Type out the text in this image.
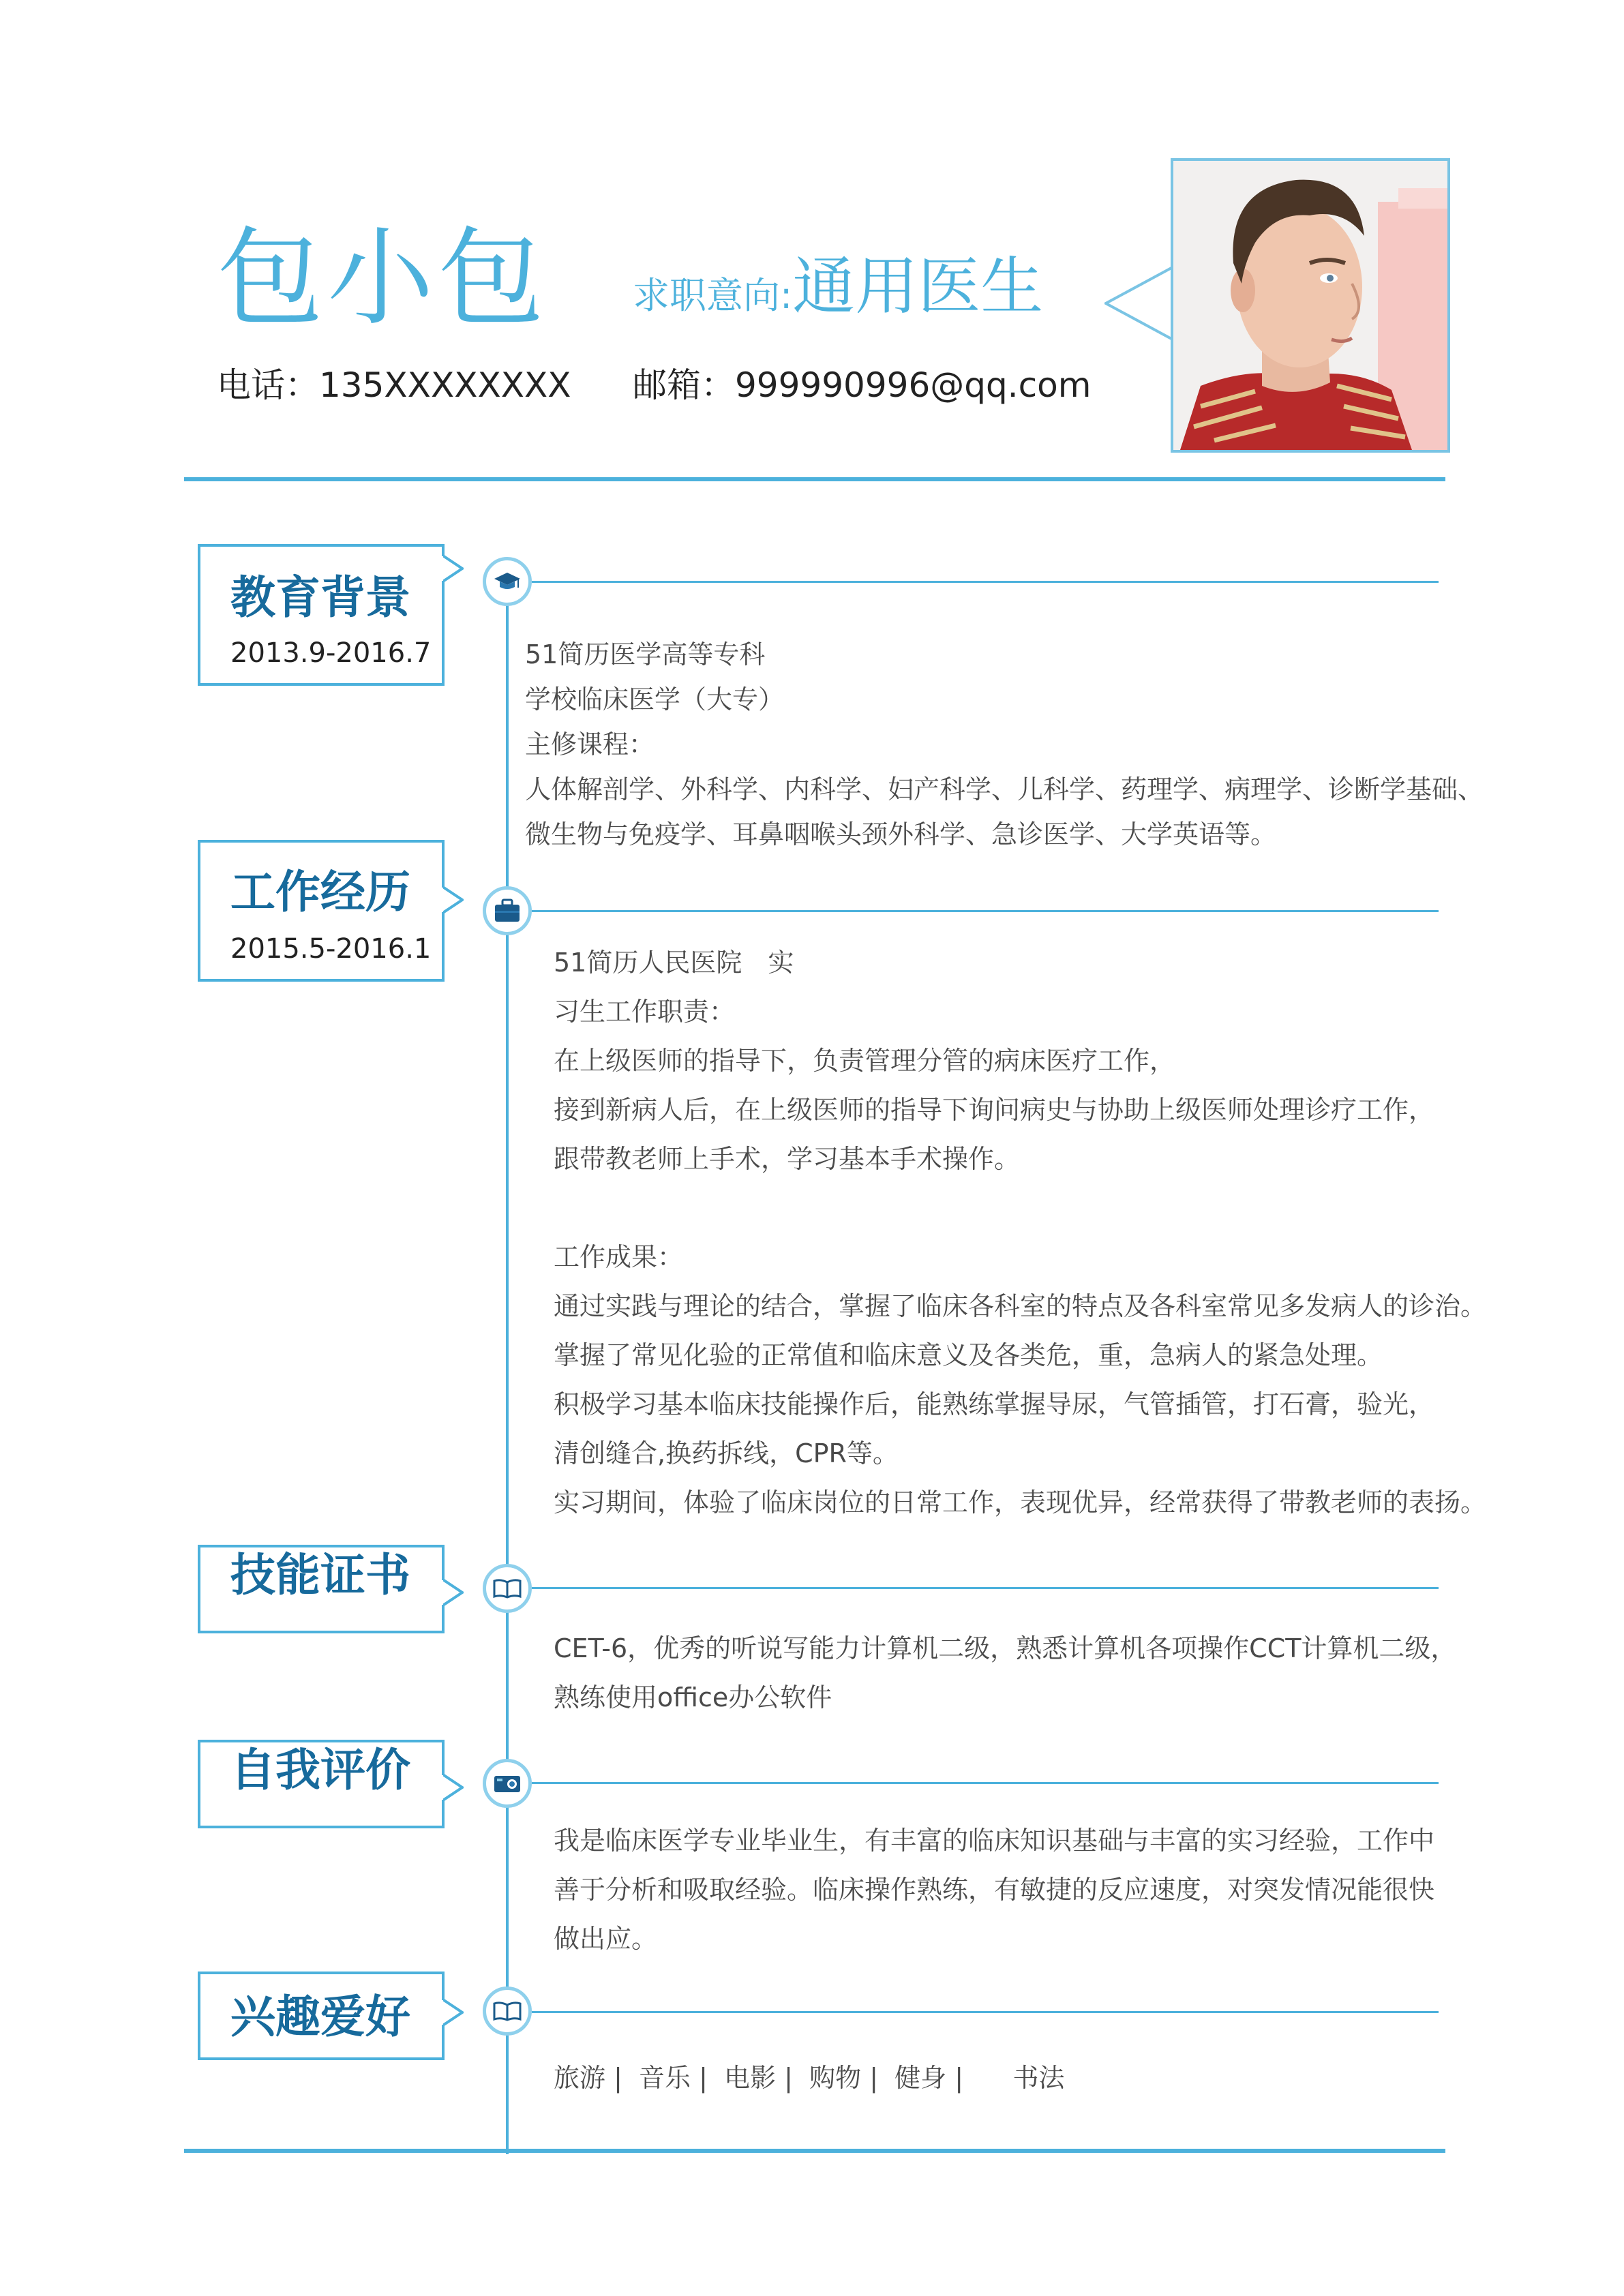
包小包 求职意向:通用医生
电话：135XXXXXXXX 邮箱：999990996@qq.com
教育背景
2013.9-2016.7	51简历医学高等专科
学校临床医学（大专）
主修课程：
人体解剖学、外科学、内科学、妇产科学、儿科学、药理学、病理学、诊断学基础、
微生物与免疫学、耳鼻咽喉头颈外科学、急诊医学、大学英语等。
工作经历
2015.5-2016.1	51简历人民医院　实
习生工作职责：
在上级医师的指导下，负责管理分管的病床医疗工作，
接到新病人后，在上级医师的指导下询问病史与协助上级医师处理诊疗工作，
跟带教老师上手术，学习基本手术操作。
工作成果：
通过实践与理论的结合，掌握了临床各科室的特点及各科室常见多发病人的诊治。
掌握了常见化验的正常值和临床意义及各类危，重，急病人的紧急处理。
积极学习基本临床技能操作后，能熟练掌握导尿，气管插管，打石膏，验光，
清创缝合,换药拆线，CPR等。
实习期间，体验了临床岗位的日常工作，表现优异，经常获得了带教老师的表扬。
技能证书
CET-6，优秀的听说写能力计算机二级，熟悉计算机各项操作CCT计算机二级，
熟练使用office办公软件
自我评价
我是临床医学专业毕业生，有丰富的临床知识基础与丰富的实习经验，工作中
善于分析和吸取经验。临床操作熟练，有敏捷的反应速度，对突发情况能很快
做出应。
兴趣爱好
旅游 |  音乐 |  电影 |  购物 |  健身 |      书法
